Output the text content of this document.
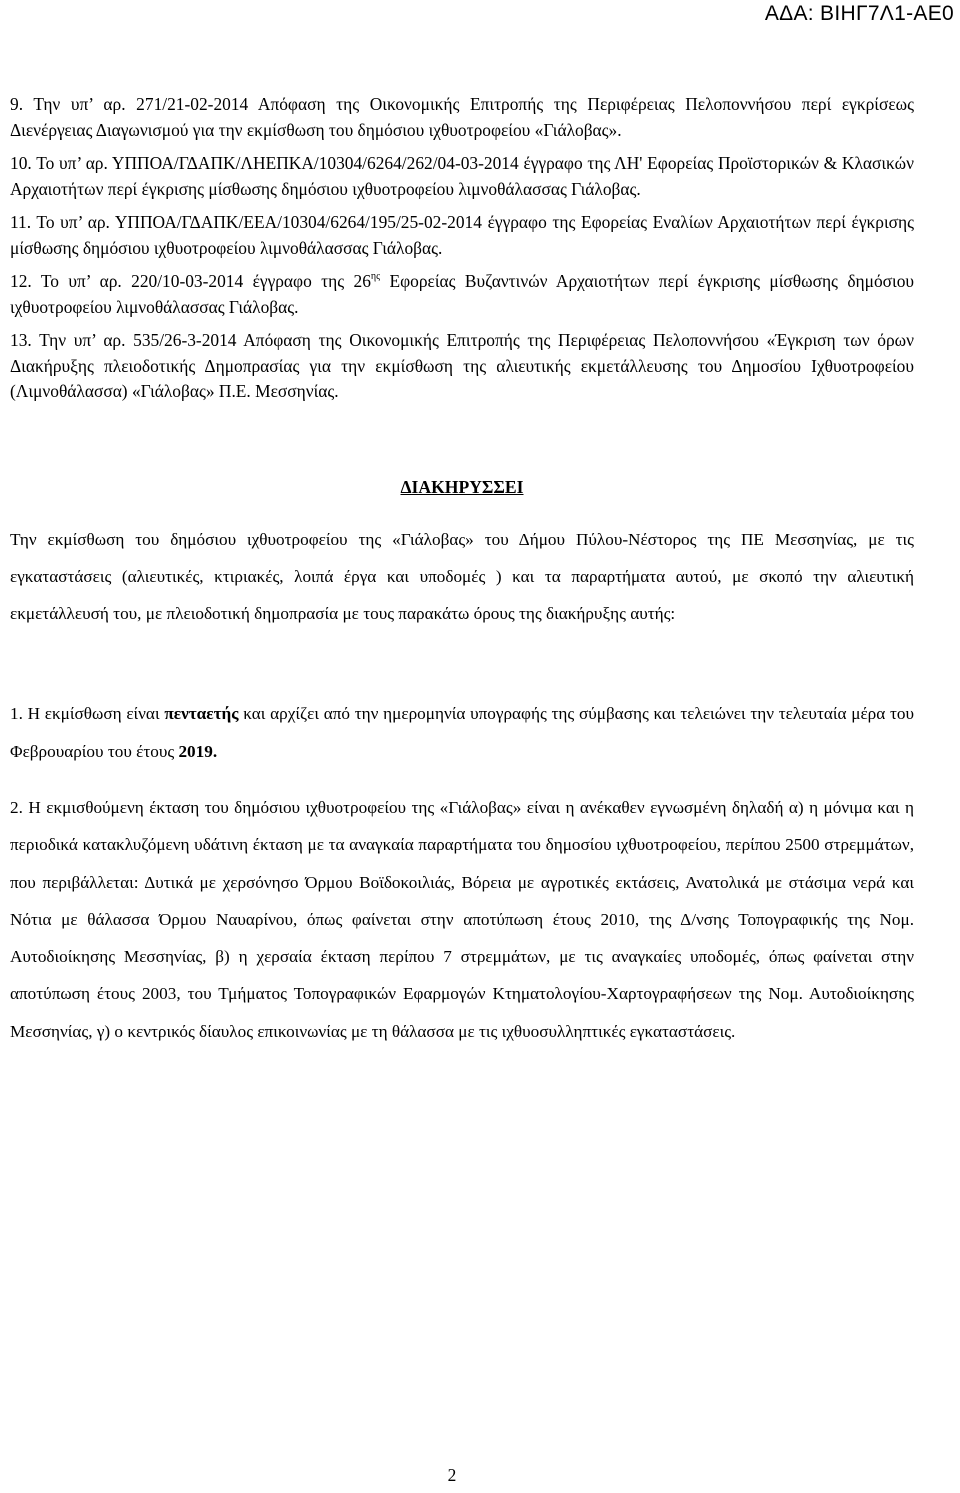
ΑΔΑ: ΒΙΗΓ7Λ1-ΑΕ0

9. Την υπ’ αρ. 271/21-02-2014 Απόφαση της Οικονομικής Επιτροπής της Περιφέρειας Πελοποννήσου περί εγκρίσεως Διενέργειας Διαγωνισμού για την εκμίσθωση του δημόσιου ιχθυοτροφείου «Γιάλοβας».

10. Το υπ’ αρ. ΥΠΠΟΑ/ΓΔΑΠΚ/ΛΗΕΠΚΑ/10304/6264/262/04-03-2014 έγγραφο της ΛΗ' Εφορείας Προϊστορικών & Κλασικών Αρχαιοτήτων περί έγκρισης μίσθωσης δημόσιου ιχθυοτροφείου λιμνοθάλασσας Γιάλοβας.

11. Το υπ’ αρ. ΥΠΠΟΑ/ΓΔΑΠΚ/ΕΕΑ/10304/6264/195/25-02-2014 έγγραφο της Εφορείας Εναλίων Αρχαιοτήτων περί έγκρισης μίσθωσης δημόσιου ιχθυοτροφείου λιμνοθάλασσας Γιάλοβας.

12. Το υπ’ αρ. 220/10-03-2014 έγγραφο της $26^{\eta\varsigma}$ Εφορείας Βυζαντινών Αρχαιοτήτων περί έγκρισης μίσθωσης δημόσιου ιχθυοτροφείου λιμνοθάλασσας Γιάλοβας.

13. Την υπ’ αρ. 535/26-3-2014 Απόφαση της Οικονομικής Επιτροπής της Περιφέρειας Πελοποννήσου «Έγκριση των όρων Διακήρυξης πλειοδοτικής Δημοπρασίας για την εκμίσθωση της αλιευτικής εκμετάλλευσης του Δημοσίου Ιχθυοτροφείου (Λιμνοθάλασσα) «Γιάλοβας» Π.Ε. Μεσσηνίας.

ΔΙΑΚΗΡΥΣΣΕΙ

Την εκμίσθωση του δημόσιου ιχθυοτροφείου της «Γιάλοβας» του Δήμου Πύλου-Νέστορος της ΠΕ Μεσσηνίας, με τις εγκαταστάσεις (αλιευτικές, κτιριακές, λοιπά έργα και υποδομές ) και τα παραρτήματα αυτού, με σκοπό την αλιευτική εκμετάλλευσή του, με πλειοδοτική δημοπρασία με τους παρακάτω όρους της διακήρυξης αυτής:

1. Η εκμίσθωση είναι πενταετής και αρχίζει από την ημερομηνία υπογραφής της σύμβασης και τελειώνει την τελευταία μέρα του Φεβρουαρίου του έτους 2019.

2. Η εκμισθούμενη έκταση του δημόσιου ιχθυοτροφείου της «Γιάλοβας» είναι η ανέκαθεν εγνωσμένη δηλαδή α) η μόνιμα και η περιοδικά κατακλυζόμενη υδάτινη έκταση με τα αναγκαία παραρτήματα του δημοσίου ιχθυοτροφείου, περίπου 2500 στρεμμάτων, που περιβάλλεται: Δυτικά με χερσόνησο Όρμου Βοϊδοκοιλιάς, Βόρεια με αγροτικές εκτάσεις, Ανατολικά με στάσιμα νερά και Νότια με θάλασσα Όρμου Ναυαρίνου, όπως φαίνεται στην αποτύπωση έτους 2010, της Δ/νσης Τοπογραφικής της Νομ. Αυτοδιοίκησης Μεσσηνίας, β) η χερσαία έκταση περίπου 7 στρεμμάτων, με τις αναγκαίες υποδομές, όπως φαίνεται στην αποτύπωση έτους 2003, του Τμήματος Τοπογραφικών Εφαρμογών Κτηματολογίου-Χαρτογραφήσεων της Νομ. Αυτοδιοίκησης Μεσσηνίας, γ) ο κεντρικός δίαυλος επικοινωνίας με τη θάλασσα με τις ιχθυοσυλληπτικές εγκαταστάσεις.

2
